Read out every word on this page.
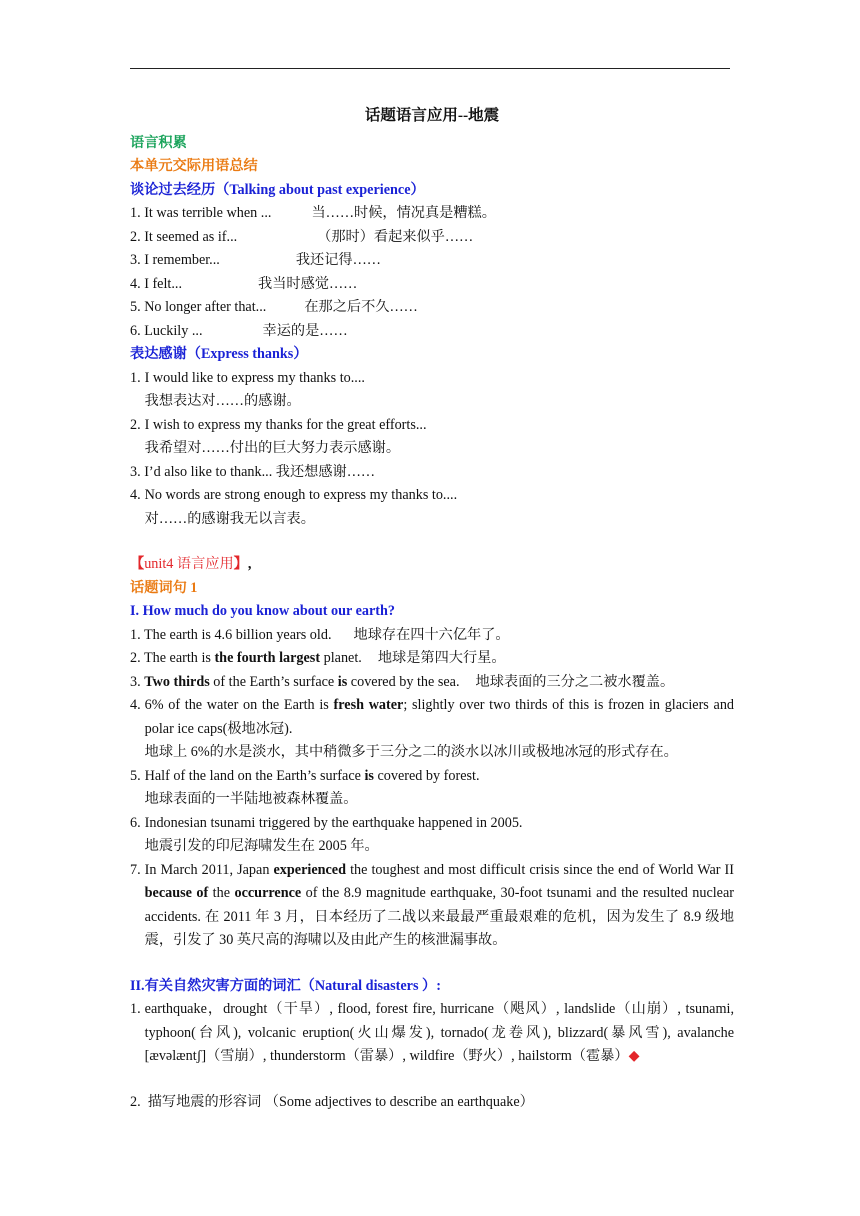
话题语言应用--地震
语言积累
本单元交际用语总结
谈论过去经历（Talking about past experience）
1. It was terrible when ...	当……时候，情况真是糟糕。
2. It seemed as if...	（那时）看起来似乎……
3. I remember...	我还记得……
4. I felt...	我当时感觉……
5. No longer after that...	在那之后不久……
6. Luckily ...	幸运的是……
表达感谢（Express thanks）
1. I would like to express my thanks to....
我想表达对……的感谢。
2. I wish to express my thanks for the great efforts...
我希望对……付出的巨大努力表示感谢。
3. I’d also like to thank... 我还想感谢……
4. No words are strong enough to express my thanks to....
对……的感谢我无以言表。
【unit4 语言应用】,
话题词句 1
I. How much do you know about our earth?
1. The earth is 4.6 billion years old. 地球存在四十六亿年了。
2. The earth is the fourth largest planet. 地球是第四大行星。
3. Two thirds of the Earth’s surface is covered by the sea. 地球表面的三分之二被水覆盖。
4. 6% of the water on the Earth is fresh water; slightly over two thirds of this is frozen in glaciers and polar ice caps(极地冰冠).
地球上 6%的水是淡水，其中稍微多于三分之二的淡水以冰川或极地冰冠的形式存在。
5. Half of the land on the Earth’s surface is covered by forest.
地球表面的一半陆地被森林覆盖。
6. Indonesian tsunami triggered by the earthquake happened in 2005.
地震引发的印尼海啸发生在 2005 年。
7. In March 2011, Japan experienced the toughest and most difficult crisis since the end of World War II because of the occurrence of the 8.9 magnitude earthquake, 30-foot tsunami and the resulted nuclear accidents. 在 2011 年 3 月，日本经历了二战以来最最严重最艰难的危机，因为发生了 8.9 级地震，引发了 30 英尺高的海啸以及由此产生的核泄漏事故。
II.有关自然灾害方面的词汇（Natural disasters ）:
1. earthquake，drought（干旱）, flood, forest fire, hurricane（飓风）, landslide（山崩）, tsunami, typhoon(台风), volcanic eruption(火山爆发), tornado(龙卷风), blizzard(暴风雪), avalanche [ævəlæntʃ]（雪崩）, thunderstorm（雷暴）, wildfire（野火）, hailstorm（雹暴）◆
2. 描写地震的形容词 （Some adjectives to describe an earthquake）
